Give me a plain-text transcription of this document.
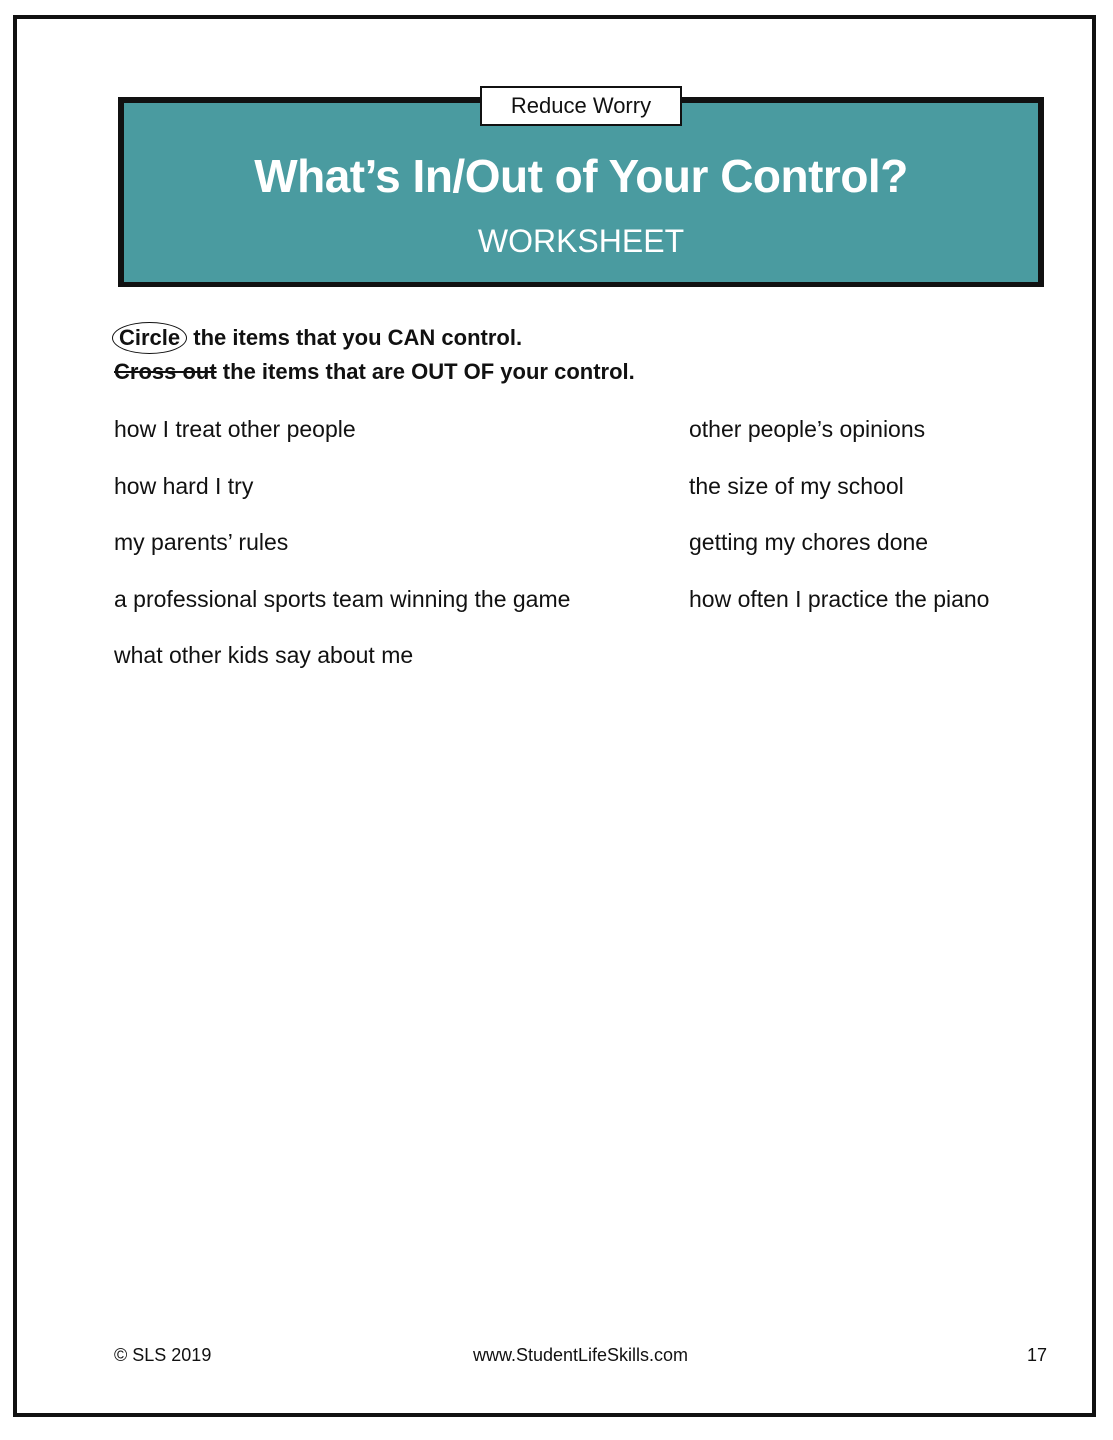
Reduce Worry
What’s In/Out of Your Control?
WORKSHEET
Circle the items that you CAN control.
Cross out the items that are OUT OF your control.
how I treat other people
how hard I try
my parents’ rules
a professional sports team winning the game
what other kids say about me
other people’s opinions
the size of my school
getting my chores done
how often I practice the piano
© SLS 2019	www.StudentLifeSkills.com	17
